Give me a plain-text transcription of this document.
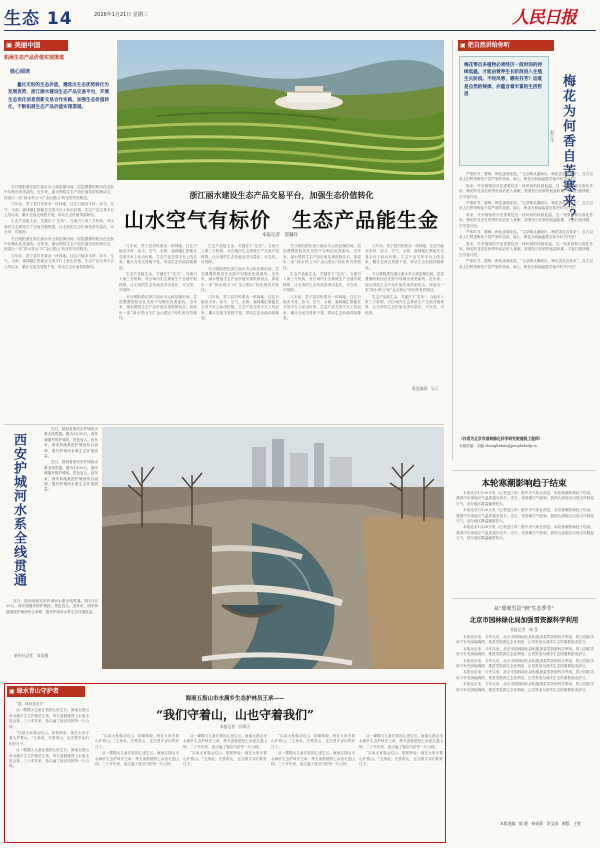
生态 14	2026年1月21日 星期三	人民日报
▣ 美丽中国
拓展生态产品价值实现渠道
核心阅读
量化无形的生态价值，遴选出生态优势转化为发展优势，浙江丽水建设生态产品交易平台，开展生态优化信息创新交易合作实践，加强生态价值转化，不断拓展生态产品价值实现渠道。
浙江丽水建设生态产品交易平台，加强生态价值转化
山水空气有标价　生态产品能生金
本报记者　窦瀚洋

冬日暖阳洒在浙江丽水市云和县梯田间，层层叠叠的稻田在光影中勾勒出优美曲线。近年来，丽水围绕生态产品价值实现机制试点，探索出一条“绿水青山”向“金山银山”转化的有效路径。

几年前，景宁县村民要卖一块林地，往往只能卖木材；如今，空气、水源、森林碳汇都能在交易平台上标出价格。生态产品交易平台上线以来，累计完成交易数千笔，带动生态价值持续释放。

生态产品能生金，关键在于“定价”。当地引入第三方机构，对区域内生态系统生产总值开展核算，让无形的生态价值变得可量化、可交易、可抵押。

冬日暖阳洒在浙江丽水市云和县梯田间，层层叠叠的稻田在光影中勾勒出优美曲线。近年来，丽水围绕生态产品价值实现机制试点，探索出一条“绿水青山”向“金山银山”转化的有效路径。

几年前，景宁县村民要卖一块林地，往往只能卖木材；如今，空气、水源、森林碳汇都能在交易平台上标出价格。生态产品交易平台上线以来，累计完成交易数千笔，带动生态价值持续释放。

几年前，景宁县村民要卖一块林地，往往只能卖木材；如今，空气、水源、森林碳汇都能在交易平台上标出价格。生态产品交易平台上线以来，累计完成交易数千笔，带动生态价值持续释放。

生态产品能生金，关键在于“定价”。当地引入第三方机构，对区域内生态系统生产总值开展核算，让无形的生态价值变得可量化、可交易、可抵押。

冬日暖阳洒在浙江丽水市云和县梯田间，层层叠叠的稻田在光影中勾勒出优美曲线。近年来，丽水围绕生态产品价值实现机制试点，探索出一条“绿水青山”向“金山银山”转化的有效路径。

生态产品能生金，关键在于“定价”。当地引入第三方机构，对区域内生态系统生产总值开展核算，让无形的生态价值变得可量化、可交易、可抵押。

冬日暖阳洒在浙江丽水市云和县梯田间，层层叠叠的稻田在光影中勾勒出优美曲线。近年来，丽水围绕生态产品价值实现机制试点，探索出一条“绿水青山”向“金山银山”转化的有效路径。

几年前，景宁县村民要卖一块林地，往往只能卖木材；如今，空气、水源、森林碳汇都能在交易平台上标出价格。生态产品交易平台上线以来，累计完成交易数千笔，带动生态价值持续释放。

冬日暖阳洒在浙江丽水市云和县梯田间，层层叠叠的稻田在光影中勾勒出优美曲线。近年来，丽水围绕生态产品价值实现机制试点，探索出一条“绿水青山”向“金山银山”转化的有效路径。

生态产品能生金，关键在于“定价”。当地引入第三方机构，对区域内生态系统生产总值开展核算，让无形的生态价值变得可量化、可交易、可抵押。

几年前，景宁县村民要卖一块林地，往往只能卖木材；如今，空气、水源、森林碳汇都能在交易平台上标出价格。生态产品交易平台上线以来，累计完成交易数千笔，带动生态价值持续释放。

几年前，景宁县村民要卖一块林地，往往只能卖木材；如今，空气、水源、森林碳汇都能在交易平台上标出价格。生态产品交易平台上线以来，累计完成交易数千笔，带动生态价值持续释放。

冬日暖阳洒在浙江丽水市云和县梯田间，层层叠叠的稻田在光影中勾勒出优美曲线。近年来，丽水围绕生态产品价值实现机制试点，探索出一条“绿水青山”向“金山银山”转化的有效路径。

生态产品能生金，关键在于“定价”。当地引入第三方机构，对区域内生态系统生产总值开展核算，让无形的生态价值变得可量化、可交易、可抵押。

版面编辑：吴天
▣ 把自然讲给你听
梅花零自多植物必须经历一段时间的持续低温，才能由营养生长阶段进入生殖生长阶段。不经风寒，哪有芬芳？这既是自然的规律，亦蕴含着丰富的生活哲思	梅花为何香自苦寒来？
赵宇佳

严寒时节，腊梅、梅花凌寒绽放。“宝剑锋从磨砺出，梅花香自苦寒来”，自古以来人们赞美梅花不畏严寒的品格。那么，梅花为何偏偏要在寒冷时节开放？

原来，许多植物的开花需要经历一段时间的持续低温，这一现象被称为春化作用。梅花的花芽在秋季形成后进入休眠，需要经历足够的低温积累，才能打破休眠，在早春开放。

严寒时节，腊梅、梅花凌寒绽放。“宝剑锋从磨砺出，梅花香自苦寒来”，自古以来人们赞美梅花不畏严寒的品格。那么，梅花为何偏偏要在寒冷时节开放？

原来，许多植物的开花需要经历一段时间的持续低温，这一现象被称为春化作用。梅花的花芽在秋季形成后进入休眠，需要经历足够的低温积累，才能打破休眠，在早春开放。

严寒时节，腊梅、梅花凌寒绽放。“宝剑锋从磨砺出，梅花香自苦寒来”，自古以来人们赞美梅花不畏严寒的品格。那么，梅花为何偏偏要在寒冷时节开放？

原来，许多植物的开花需要经历一段时间的持续低温，这一现象被称为春化作用。梅花的花芽在秋季形成后进入休眠，需要经历足够的低温积累，才能打破休眠，在早春开放。

严寒时节，腊梅、梅花凌寒绽放。“宝剑锋从磨砺出，梅花香自苦寒来”，自古以来人们赞美梅花不畏严寒的品格。那么，梅花为何偏偏要在寒冷时节开放？

（作者为北京市园林绿化科学研究院高级工程师）
本版责编：刘毅 zhonghebao@peopledaily.cn
西安护城河水系全线贯通

近日，陕西省西安市护城河水系全线贯通。图为1月20日，西安城墙外的护城河，景色宜人。近年来，西安持续推进护城河综合治理，提升护城河水系生态环境质量。

近日，陕西省西安市护城河水系全线贯通。图为1月20日，西安城墙外的护城河，景色宜人。近年来，西安持续推进护城河综合治理，提升护城河水系生态环境质量。

近日，陕西省西安市护城河水系全线贯通。图为1月20日，西安城墙外的护城河，景色宜人。近年来，西安持续推进护城河综合治理，提升护城河水系生态环境质量。

新华社记者　邹竞摄
本轮寒潮影响趋于结束

本报北京1月20日电（记者寇江泽）据中央气象台消息，本轮寒潮影响趋于结束，我国中东部地区气温将逐步回升。近日，受寒潮天气影响，我国大部地区出现大风降温天气，部分地区降温幅度较大。

本报北京1月20日电（记者寇江泽）据中央气象台消息，本轮寒潮影响趋于结束，我国中东部地区气温将逐步回升。近日，受寒潮天气影响，我国大部地区出现大风降温天气，部分地区降温幅度较大。

本报北京1月20日电（记者寇江泽）据中央气象台消息，本轮寒潮影响趋于结束，我国中东部地区气温将逐步回升。近日，受寒潮天气影响，我国大部地区出现大风降温天气，部分地区降温幅度较大。

从“要观雪景”到“生态季节”
北京市园林绿化局加强雪资源科学利用
本报记者　杨 莹

本报北京电　今冬以来，北京市园林绿化局积极探索雪资源科学利用，将公园积雪用于补充绿地墒情，推进雪资源生态化利用，让雪景成为城市生态的重要组成部分。

本报北京电　今冬以来，北京市园林绿化局积极探索雪资源科学利用，将公园积雪用于补充绿地墒情，推进雪资源生态化利用，让雪景成为城市生态的重要组成部分。

本报北京电　今冬以来，北京市园林绿化局积极探索雪资源科学利用，将公园积雪用于补充绿地墒情，推进雪资源生态化利用，让雪景成为城市生态的重要组成部分。

本报北京电　今冬以来，北京市园林绿化局积极探索雪资源科学利用，将公园积雪用于补充绿地墒情，推进雪资源生态化利用，让雪景成为城市生态的重要组成部分。

本报北京电　今冬以来，北京市园林绿化局积极探索雪资源科学利用，将公园积雪用于补充绿地墒情，推进雪资源生态化利用，让雪景成为城市生态的重要组成部分。

本版责编：陈 媛　杨寅莉　窦文涛　制版：王悦
▣ 绿水青山守护者
海南五指山市水满乡生态护林员王承——
“我们守着山，山也守着我们”
本报记者　孙海天

“我，林间是家乡”

从一棵棵大儿童在我的心里生长。海南五指山市水满乡生态护林员王承，每天清晨便背上水壶走进山林。三十多年来，他走遍了辖区内的每一片山林。

“以前大家靠山吃山，砍树种胶；现在大家守着山护着山。”王承说，守着青山，也守着乡亲们的好日子。

从一棵棵大儿童在我的心里生长。海南五指山市水满乡生态护林员王承，每天清晨便背上水壶走进山林。三十多年来，他走遍了辖区内的每一片山林。

“以前大家靠山吃山，砍树种胶；现在大家守着山护着山。”王承说，守着青山，也守着乡亲们的好日子。

从一棵棵大儿童在我的心里生长。海南五指山市水满乡生态护林员王承，每天清晨便背上水壶走进山林。三十多年来，他走遍了辖区内的每一片山林。

从一棵棵大儿童在我的心里生长。海南五指山市水满乡生态护林员王承，每天清晨便背上水壶走进山林。三十多年来，他走遍了辖区内的每一片山林。

“以前大家靠山吃山，砍树种胶；现在大家守着山护着山。”王承说，守着青山，也守着乡亲们的好日子。

“以前大家靠山吃山，砍树种胶；现在大家守着山护着山。”王承说，守着青山，也守着乡亲们的好日子。

从一棵棵大儿童在我的心里生长。海南五指山市水满乡生态护林员王承，每天清晨便背上水壶走进山林。三十多年来，他走遍了辖区内的每一片山林。

从一棵棵大儿童在我的心里生长。海南五指山市水满乡生态护林员王承，每天清晨便背上水壶走进山林。三十多年来，他走遍了辖区内的每一片山林。

“以前大家靠山吃山，砍树种胶；现在大家守着山护着山。”王承说，守着青山，也守着乡亲们的好日子。
